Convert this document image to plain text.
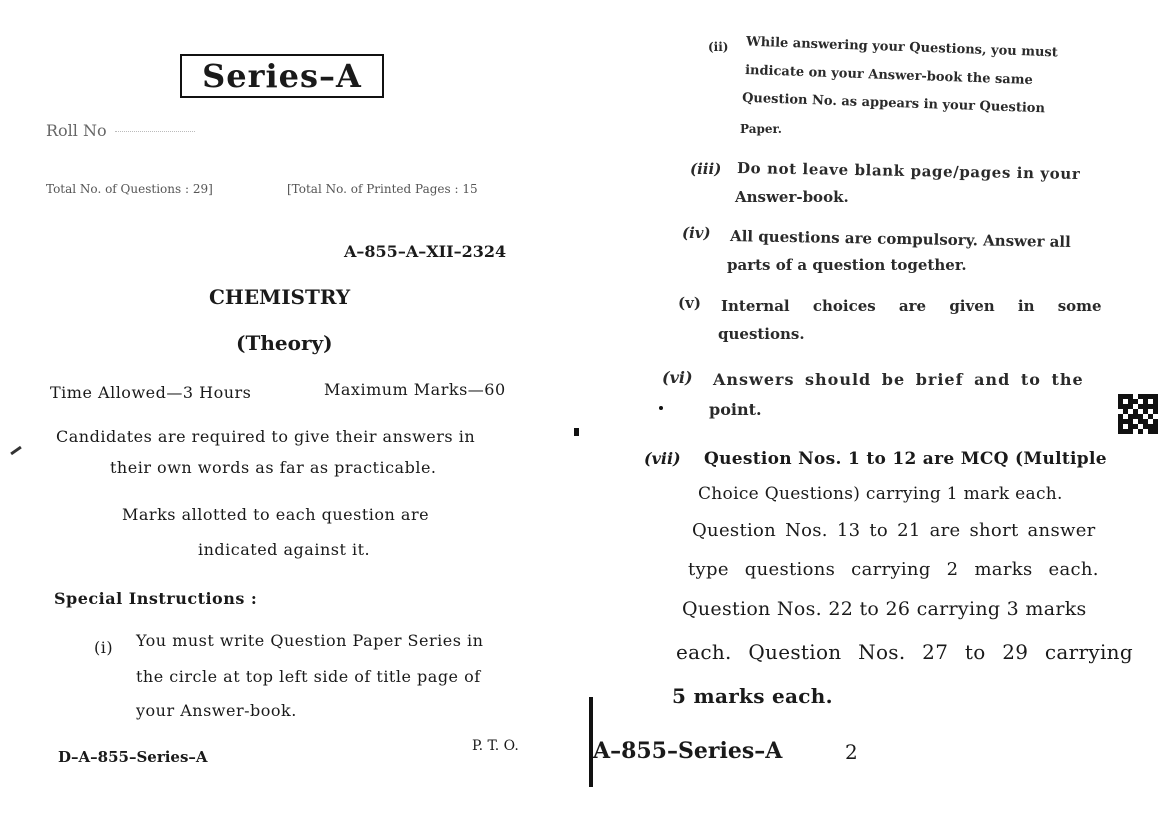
Series–A
Roll No
Total No. of Questions : 29]	[Total No. of Printed Pages : 15
A–855–A–XII–2324
CHEMISTRY
(Theory)
Time Allowed—3 Hours	Maximum Marks—60
Candidates are required to give their answers in
their own words as far as practicable.
Marks allotted to each question are
indicated against it.
Special Instructions :
(i) You must write Question Paper Series in
the circle at top left side of title page of
your Answer-book.
D–A–855–Series–A
P. T. O.
(ii) While answering your Questions, you must
indicate on your Answer-book the same
Question No. as appears in your Question
Paper.
(iii) Do not leave blank page/pages in your
Answer-book.
(iv) All questions are compulsory. Answer all
parts of a question together.
(v) Internal choices are given in some
questions.
(vi) Answers should be brief and to the
point.
(vii) Question Nos. 1 to 12 are MCQ (Multiple
Choice Questions) carrying 1 mark each.
Question Nos. 13 to 21 are short answer
type questions carrying 2 marks each.
Question Nos. 22 to 26 carrying 3 marks
each. Question Nos. 27 to 29 carrying
5 marks each.
A–855–Series–A	2
